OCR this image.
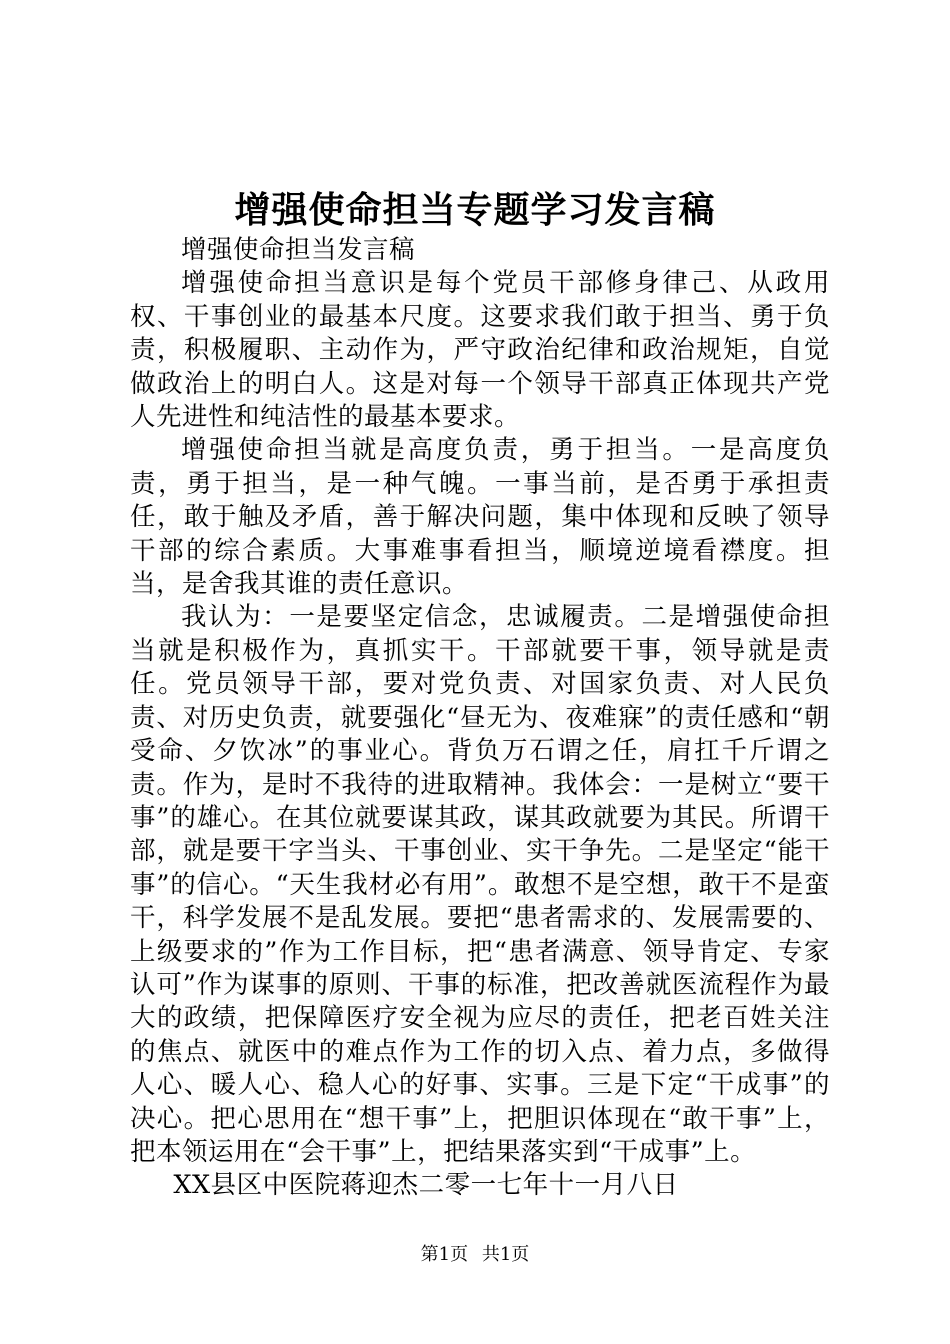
增强使命担当专题学习发言稿

增强使命担当发言稿

增强使命担当意识是每个党员干部修身律己、从政用权、干事创业的最基本尺度。这要求我们敢于担当、勇于负责，积极履职、主动作为，严守政治纪律和政治规矩，自觉做政治上的明白人。这是对每一个领导干部真正体现共产党人先进性和纯洁性的最基本要求。

增强使命担当就是高度负责，勇于担当。一是高度负责，勇于担当，是一种气魄。一事当前，是否勇于承担责任，敢于触及矛盾，善于解决问题，集中体现和反映了领导干部的综合素质。大事难事看担当，顺境逆境看襟度。担当，是舍我其谁的责任意识。

我认为：一是要坚定信念，忠诚履责。二是增强使命担当就是积极作为，真抓实干。干部就要干事，领导就是责任。党员领导干部，要对党负责、对国家负责、对人民负责、对历史负责，就要强化“昼无为、夜难寐”的责任感和“朝受命、夕饮冰”的事业心。背负万石谓之任，肩扛千斤谓之责。作为，是时不我待的进取精神。我体会：一是树立“要干事”的雄心。在其位就要谋其政，谋其政就要为其民。所谓干部，就是要干字当头、干事创业、实干争先。二是坚定“能干事”的信心。“天生我材必有用”。敢想不是空想，敢干不是蛮干，科学发展不是乱发展。要把“患者需求的、发展需要的、上级要求的”作为工作目标，把“患者满意、领导肯定、专家认可”作为谋事的原则、干事的标准，把改善就医流程作为最大的政绩，把保障医疗安全视为应尽的责任，把老百姓关注的焦点、就医中的难点作为工作的切入点、着力点，多做得人心、暖人心、稳人心的好事、实事。三是下定“干成事”的决心。把心思用在“想干事”上，把胆识体现在“敢干事”上，把本领运用在“会干事”上，把结果落实到“干成事”上。

XX县区中医院蒋迎杰二零一七年十一月八日

第1页 共1页
